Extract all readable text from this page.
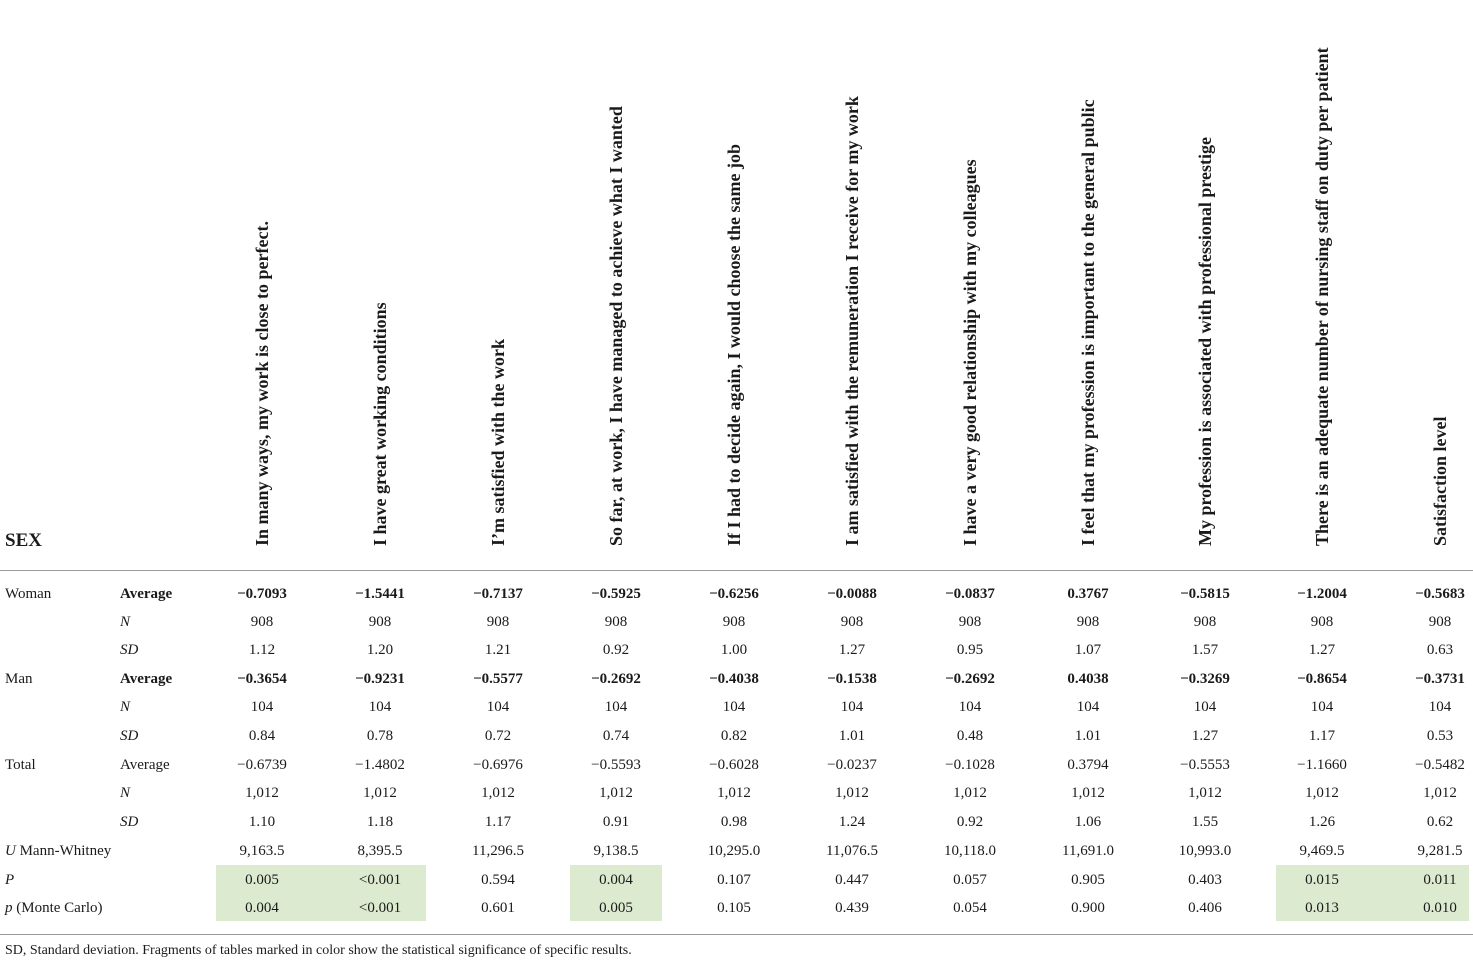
SEX	In many ways, my work is close to perfect.	I have great working conditions	I’m satisfied with the work	So far, at work, I have managed to achieve what I wanted	If I had to decide again, I would choose the same job	I am satisfied with the remuneration I receive for my work	I have a very good relationship with my colleagues	I feel that my profession is important to the general public	My profession is associated with professional prestige	There is an adequate number of nursing staff on duty per patient	Satisfaction level
Woman	Average	−0.7093	−1.5441	−0.7137	−0.5925	−0.6256	−0.0088	−0.0837	0.3767	−0.5815	−1.2004	−0.5683
N	908	908	908	908	908	908	908	908	908	908	908
SD	1.12	1.20	1.21	0.92	1.00	1.27	0.95	1.07	1.57	1.27	0.63
Man	Average	−0.3654	−0.9231	−0.5577	−0.2692	−0.4038	−0.1538	−0.2692	0.4038	−0.3269	−0.8654	−0.3731
N	104	104	104	104	104	104	104	104	104	104	104
SD	0.84	0.78	0.72	0.74	0.82	1.01	0.48	1.01	1.27	1.17	0.53
Total	Average	−0.6739	−1.4802	−0.6976	−0.5593	−0.6028	−0.0237	−0.1028	0.3794	−0.5553	−1.1660	−0.5482
N	1,012	1,012	1,012	1,012	1,012	1,012	1,012	1,012	1,012	1,012	1,012
SD	1.10	1.18	1.17	0.91	0.98	1.24	0.92	1.06	1.55	1.26	0.62
U Mann-Whitney	9,163.5	8,395.5	11,296.5	9,138.5	10,295.0	11,076.5	10,118.0	11,691.0	10,993.0	9,469.5	9,281.5
P	0.005	<0.001	0.594	0.004	0.107	0.447	0.057	0.905	0.403	0.015	0.011
p (Monte Carlo)	0.004	<0.001	0.601	0.005	0.105	0.439	0.054	0.900	0.406	0.013	0.010
SD, Standard deviation. Fragments of tables marked in color show the statistical significance of specific results.
